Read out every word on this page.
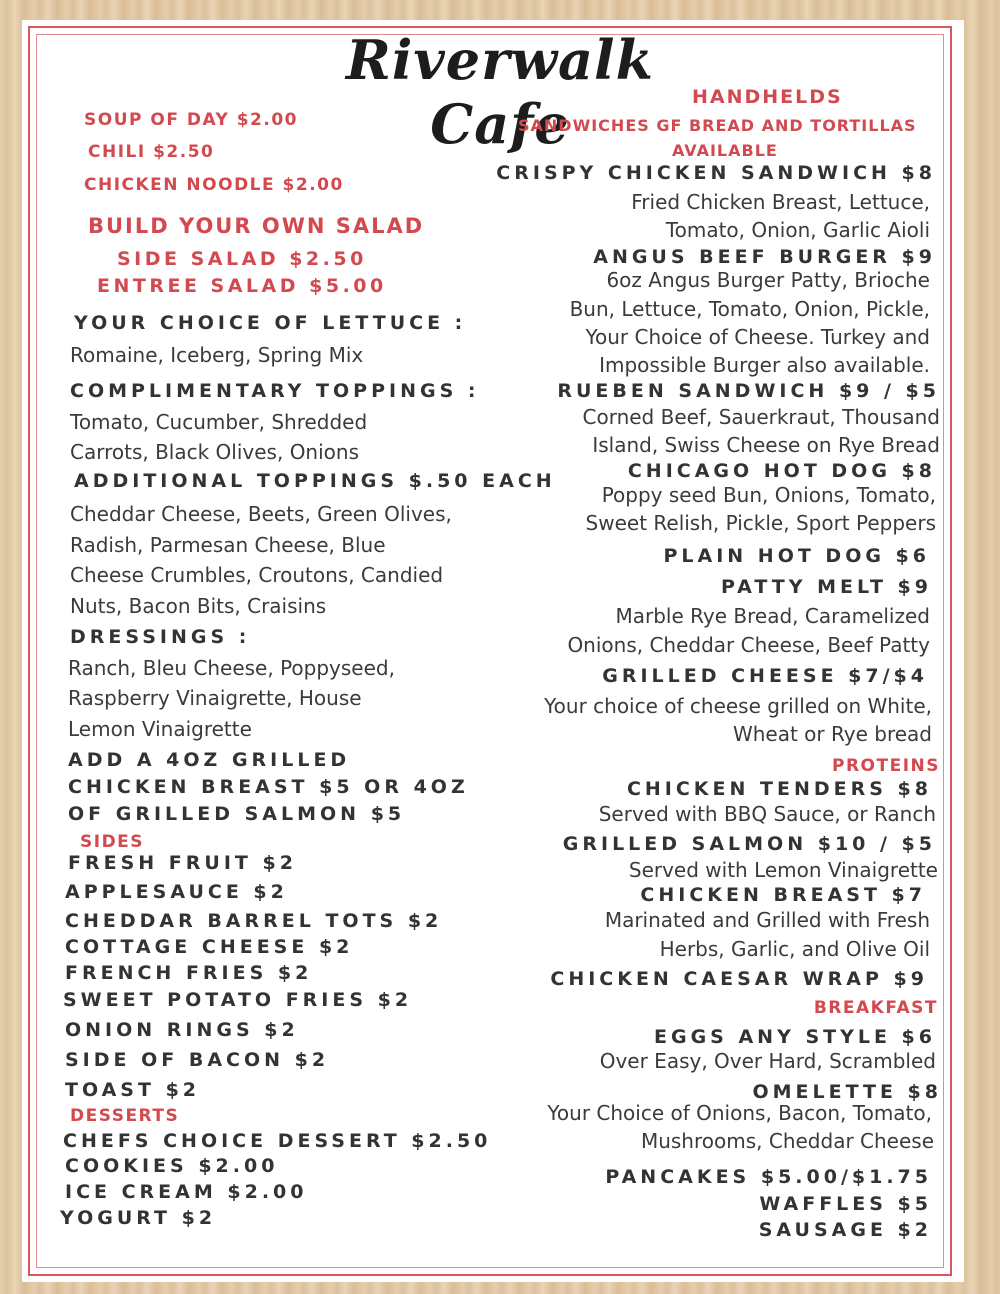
Riverwalk Cafe
SOUP OF DAY $2.00
CHILI $2.50
CHICKEN NOODLE $2.00
BUILD YOUR OWN SALAD
SIDE SALAD $2.50
ENTREE SALAD $5.00
YOUR CHOICE OF LETTUCE :
Romaine, Iceberg, Spring Mix
COMPLIMENTARY TOPPINGS :
Tomato, Cucumber, Shredded
Carrots, Black Olives, Onions
ADDITIONAL TOPPINGS $.50 EACH
Cheddar Cheese, Beets, Green Olives,
Radish, Parmesan Cheese, Blue
Cheese Crumbles, Croutons, Candied
Nuts, Bacon Bits, Craisins
DRESSINGS :
Ranch, Bleu Cheese, Poppyseed,
Raspberry Vinaigrette, House
Lemon Vinaigrette
ADD A 4OZ GRILLED
CHICKEN BREAST $5 OR 4OZ
OF GRILLED SALMON $5
SIDES
FRESH FRUIT $2
APPLESAUCE $2
CHEDDAR BARREL TOTS $2
COTTAGE CHEESE $2
FRENCH FRIES $2
SWEET POTATO FRIES $2
ONION RINGS $2
SIDE OF BACON $2
TOAST $2
DESSERTS
CHEFS CHOICE DESSERT $2.50
COOKIES $2.00
ICE CREAM $2.00
YOGURT $2
HANDHELDS
SANDWICHES GF BREAD AND TORTILLAS
AVAILABLE
CRISPY CHICKEN SANDWICH $8
Fried Chicken Breast, Lettuce,
Tomato, Onion, Garlic Aioli
ANGUS BEEF BURGER $9
6oz Angus Burger Patty, Brioche
Bun, Lettuce, Tomato, Onion, Pickle,
Your Choice of Cheese. Turkey and
Impossible Burger also available.
RUEBEN SANDWICH $9 / $5
Corned Beef, Sauerkraut, Thousand
Island, Swiss Cheese on Rye Bread
CHICAGO HOT DOG $8
Poppy seed Bun, Onions, Tomato,
Sweet Relish, Pickle, Sport Peppers
PLAIN HOT DOG $6
PATTY MELT $9
Marble Rye Bread, Caramelized
Onions, Cheddar Cheese, Beef Patty
GRILLED CHEESE $7/$4
Your choice of cheese grilled on White,
Wheat or Rye bread
PROTEINS
CHICKEN TENDERS $8
Served with BBQ Sauce, or Ranch
GRILLED SALMON $10 / $5
Served with Lemon Vinaigrette
CHICKEN BREAST $7
Marinated and Grilled with Fresh
Herbs, Garlic, and Olive Oil
CHICKEN CAESAR WRAP $9
BREAKFAST
EGGS ANY STYLE $6
Over Easy, Over Hard, Scrambled
OMELETTE $8
Your Choice of Onions, Bacon, Tomato,
Mushrooms, Cheddar Cheese
PANCAKES $5.00/$1.75
WAFFLES $5
SAUSAGE $2
